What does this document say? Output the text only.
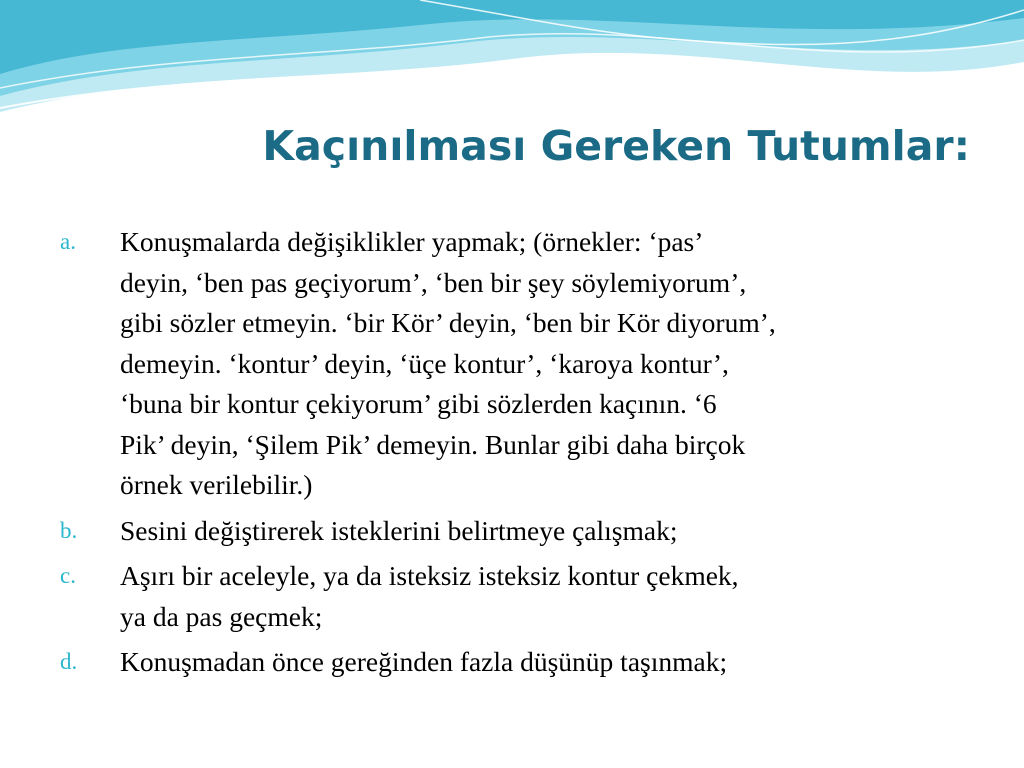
Kaçınılması Gereken Tutumlar:
a.	Konuşmalarda değişiklikler yapmak; (örnekler: ‘pas’
deyin, ‘ben pas geçiyorum’, ‘ben bir şey söylemiyorum’,
gibi sözler etmeyin. ‘bir Kör’ deyin, ‘ben bir Kör diyorum’,
demeyin. ‘kontur’ deyin, ‘üçe kontur’, ‘karoya kontur’,
‘buna bir kontur çekiyorum’ gibi sözlerden kaçının. ‘6
Pik’ deyin, ‘Şilem Pik’ demeyin. Bunlar gibi daha birçok
örnek verilebilir.)
b.	Sesini değiştirerek isteklerini belirtmeye çalışmak;
c.	Aşırı bir aceleyle, ya da isteksiz isteksiz kontur çekmek,
ya da pas geçmek;
d.	Konuşmadan önce gereğinden fazla düşünüp taşınmak;
